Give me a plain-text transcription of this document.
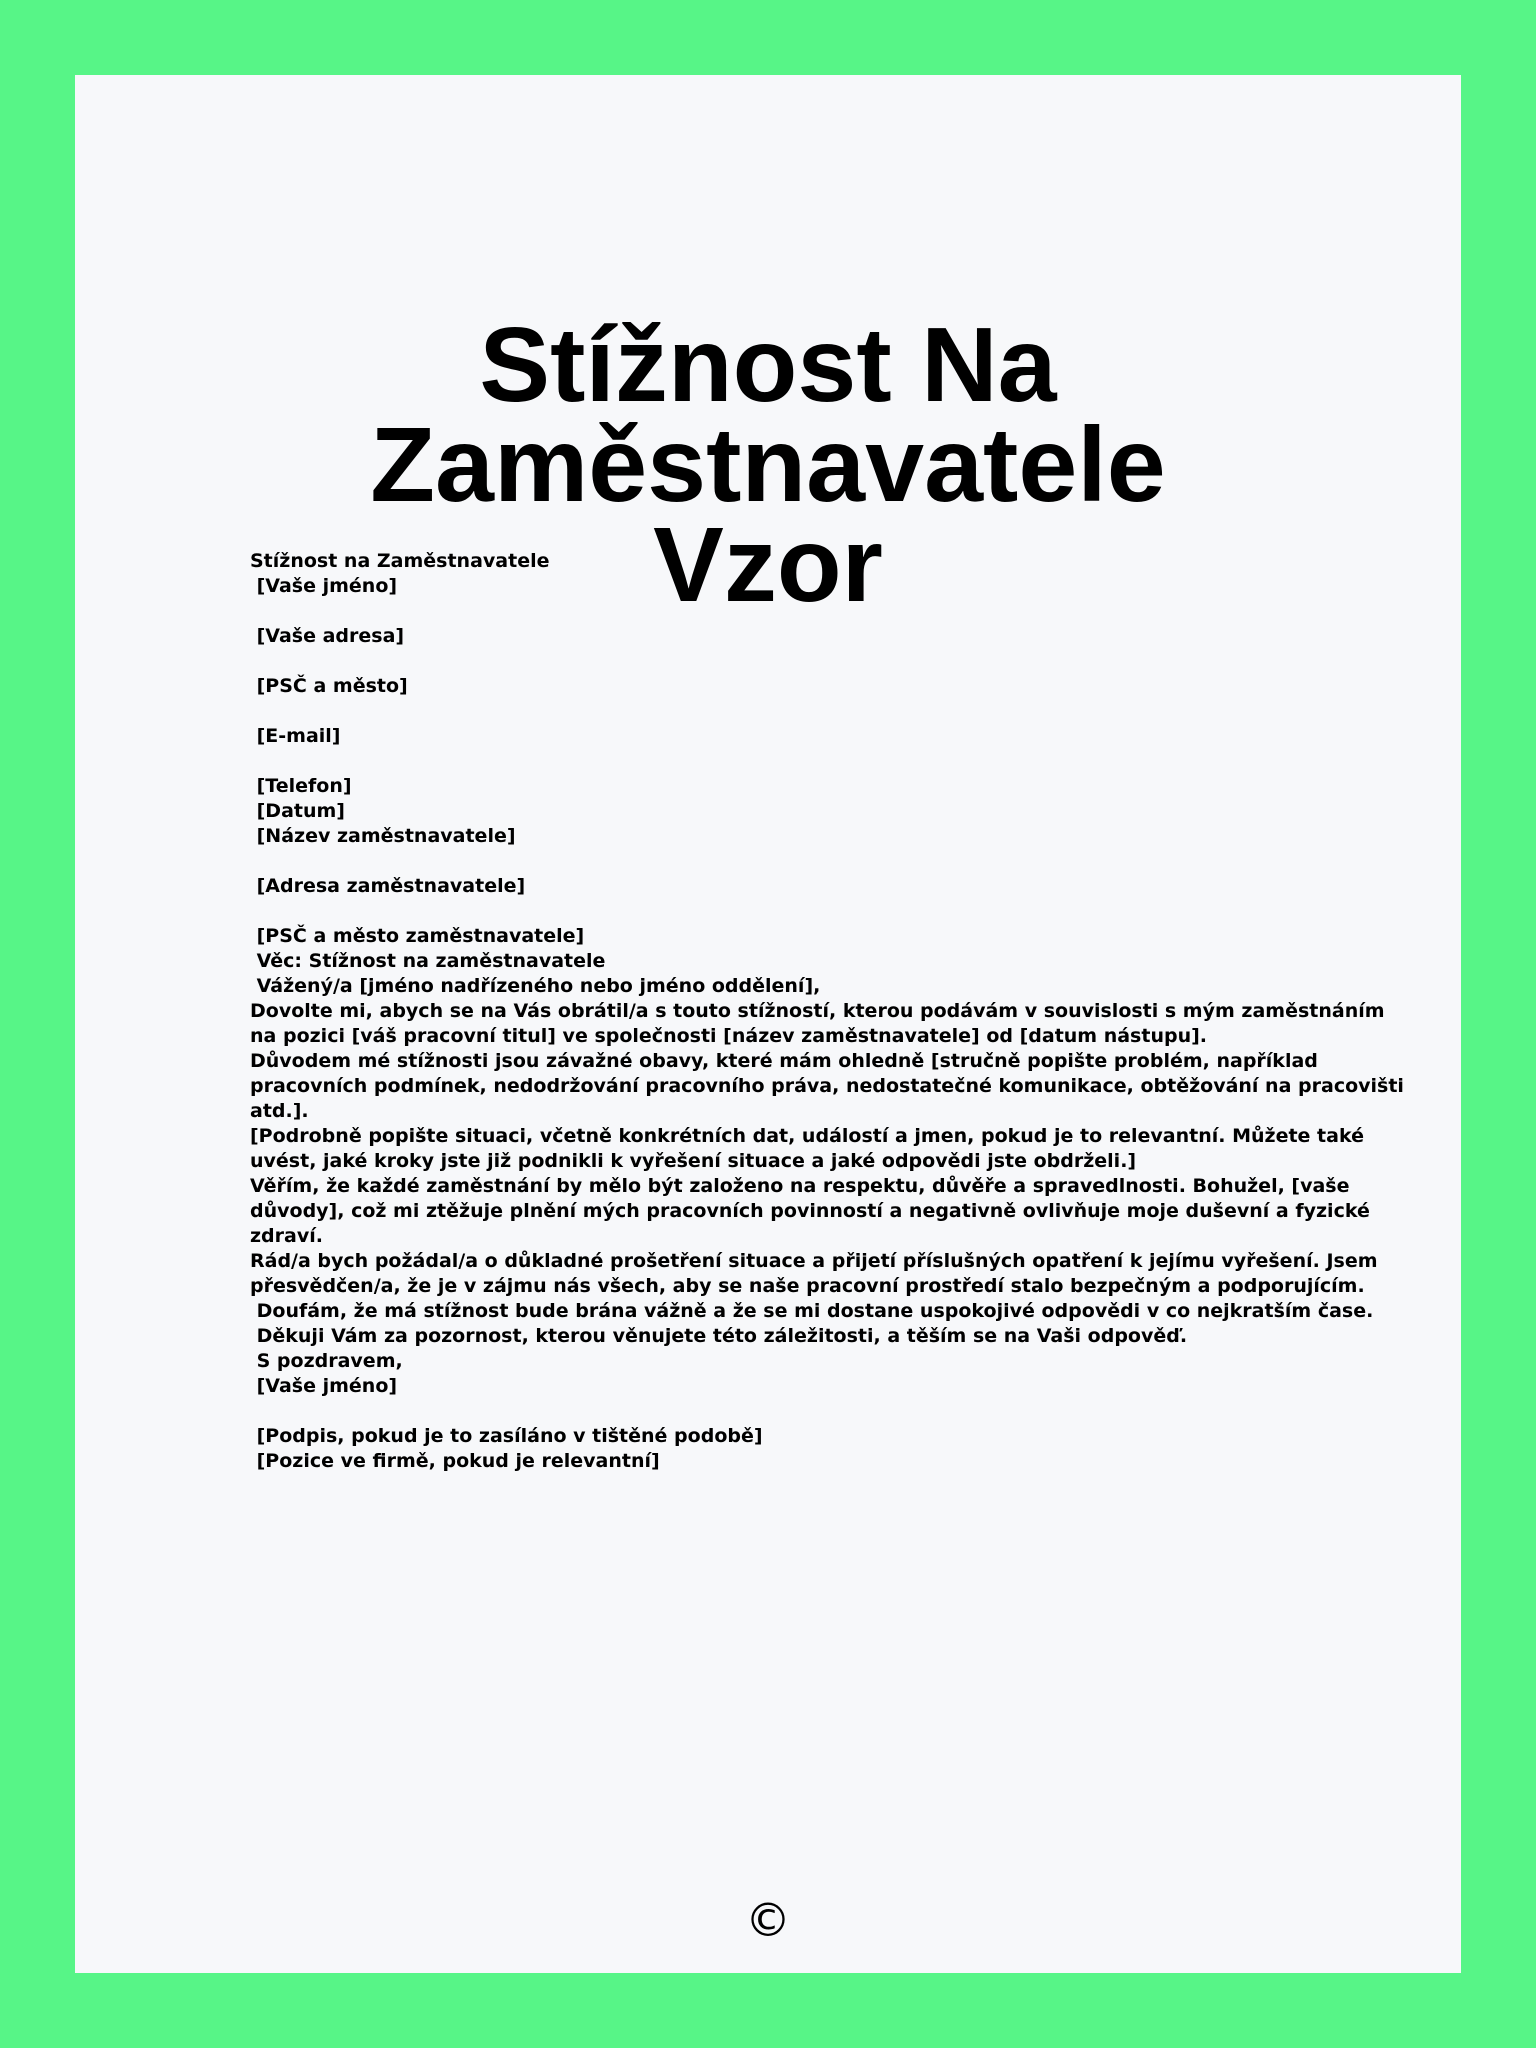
Stížnost Na Zaměstnavatele
Vzor
Stížnost na Zaměstnavatele
[Vaše jméno]
[Vaše adresa]
[PSČ a město]
[E-mail]
[Telefon]
[Datum]
[Název zaměstnavatele]
[Adresa zaměstnavatele]
[PSČ a město zaměstnavatele]
Věc: Stížnost na zaměstnavatele
Vážený/a [jméno nadřízeného nebo jméno oddělení],
Dovolte mi, abych se na Vás obrátil/a s touto stížností, kterou podávám v souvislosti s mým zaměstnáním
na pozici [váš pracovní titul] ve společnosti [název zaměstnavatele] od [datum nástupu].
Důvodem mé stížnosti jsou závažné obavy, které mám ohledně [stručně popište problém, například
pracovních podmínek, nedodržování pracovního práva, nedostatečné komunikace, obtěžování na pracovišti
atd.].
[Podrobně popište situaci, včetně konkrétních dat, událostí a jmen, pokud je to relevantní. Můžete také
uvést, jaké kroky jste již podnikli k vyřešení situace a jaké odpovědi jste obdrželi.]
Věřím, že každé zaměstnání by mělo být založeno na respektu, důvěře a spravedlnosti. Bohužel, [vaše
důvody], což mi ztěžuje plnění mých pracovních povinností a negativně ovlivňuje moje duševní a fyzické
zdraví.
Rád/a bych požádal/a o důkladné prošetření situace a přijetí příslušných opatření k jejímu vyřešení. Jsem
přesvědčen/a, že je v zájmu nás všech, aby se naše pracovní prostředí stalo bezpečným a podporujícím.
Doufám, že má stížnost bude brána vážně a že se mi dostane uspokojivé odpovědi v co nejkratším čase.
Děkuji Vám za pozornost, kterou věnujete této záležitosti, a těším se na Vaši odpověď.
S pozdravem,
[Vaše jméno]
[Podpis, pokud je to zasíláno v tištěné podobě]
[Pozice ve firmě, pokud je relevantní]
©
